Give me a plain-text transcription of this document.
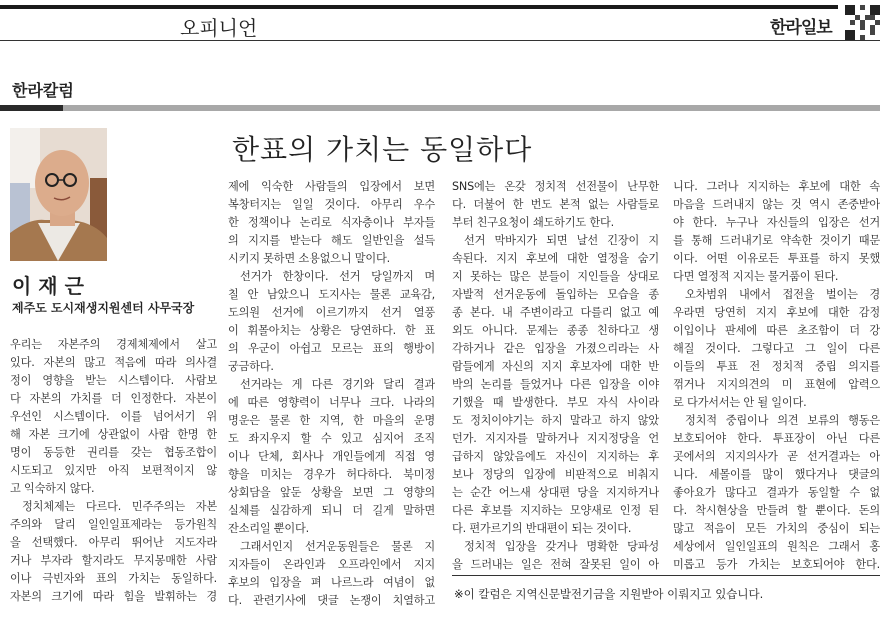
오피니언	한라일보
한라칼럼
이 재 근
제주도 도시재생지원센터 사무국장
한표의 가치는 동일하다
우리는 자본주의 경제체제에서 살고
있다. 자본의 많고 적음에 따라 의사결
정이 영향을 받는 시스템이다. 사람보
다 자본의 가치를 더 인정한다. 자본이
우선인 시스템이다. 이를 넘어서기 위
해 자본 크기에 상관없이 사람 한명 한
명이 동등한 권리를 갖는 협동조합이
시도되고 있지만 아직 보편적이지 않
고 익숙하지 않다.
정치체제는 다르다. 민주주의는 자본
주의와 달리 일인일표제라는 등가원칙
을 선택했다. 아무리 뛰어난 지도자라
거나 부자라 할지라도 무지몽매한 사람
이나 극빈자와 표의 가치는 동일하다.
자본의 크기에 따라 힘을 발휘하는 경
제에 익숙한 사람들의 입장에서 보면
복창터지는 일일 것이다. 아무리 우수
한 정책이나 논리로 식자층이나 부자들
의 지지를 받는다 해도 일반인을 설득
시키지 못하면 소용없으니 말이다.
선거가 한창이다. 선거 당일까지 며
칠 안 남았으니 도지사는 물론 교육감,
도의원 선거에 이르기까지 선거 열풍
이 휘몰아치는 상황은 당연하다. 한 표
의 우군이 아쉽고 모르는 표의 행방이
궁금하다.
선거라는 게 다른 경기와 달리 결과
에 따른 영향력이 너무나 크다. 나라의
명운은 물론 한 지역, 한 마을의 운명
도 좌지우지 할 수 있고 심지어 조직
이나 단체, 회사나 개인들에게 직접 영
향을 미치는 경우가 허다하다. 북미정
상회담을 앞둔 상황을 보면 그 영향의
실체를 실감하게 되니 더 길게 말하면
잔소리일 뿐이다.
그래서인지 선거운동원들은 물론 지
지자들이 온라인과 오프라인에서 지지
후보의 입장을 펴 나르느라 여념이 없
다. 관련기사에 댓글 논쟁이 치열하고
SNS에는 온갖 정치적 선전물이 난무한
다. 더불어 한 번도 본적 없는 사람들로
부터 친구요청이 쇄도하기도 한다.
선거 막바지가 되면 날선 긴장이 지
속된다. 지지 후보에 대한 열정을 숨기
지 못하는 많은 분들이 지인들을 상대로
자발적 선거운동에 돌입하는 모습을 종
종 본다. 내 주변이라고 다를리 없고 예
외도 아니다. 문제는 종종 친하다고 생
각하거나 같은 입장을 가졌으리라는 사
람들에게 자신의 지지 후보자에 대한 반
박의 논리를 들었거나 다른 입장을 이야
기했을 때 발생한다. 부모 자식 사이라
도 정치이야기는 하지 말라고 하지 않았
던가. 지지자를 말하거나 지지정당을 언
급하지 않았음에도 자신이 지지하는 후
보나 정당의 입장에 비판적으로 비춰지
는 순간 어느새 상대편 당을 지지하거나
다른 후보를 지지하는 모양새로 인정 된
다. 편가르기의 반대편이 되는 것이다.
정치적 입장을 갖거나 명확한 당파성
을 드러내는 일은 전혀 잘못된 일이 아
니다. 그러나 지지하는 후보에 대한 속
마음을 드러내지 않는 것 역시 존중받아
야 한다. 누구나 자신들의 입장은 선거
를 통해 드러내기로 약속한 것이기 때문
이다. 어떤 이유로든 투표를 하지 못했
다면 열정적 지지는 물거품이 된다.
오차범위 내에서 접전을 벌이는 경
우라면 당연히 지지 후보에 대한 감정
이입이나 판세에 따른 초조함이 더 강
해질 것이다. 그렇다고 그 일이 다른
이들의 투표 전 정치적 중립 의지를
꺾거나 지지의견의 미 표현에 압력으
로 다가서서는 안 될 일이다.
정치적 중립이나 의견 보류의 행동은
보호되어야 한다. 투표장이 아닌 다른
곳에서의 지지의사가 곧 선거결과는 아
니다. 세몰이를 많이 했다거나 댓글의
좋아요가 많다고 결과가 동일할 수 없
다. 착시현상을 만들려 할 뿐이다. 돈의
많고 적음이 모든 가치의 중심이 되는
세상에서 일인일표의 원칙은 그래서 홍
미롭고 등가 가치는 보호되어야 한다.
※이 칼럼은 지역신문발전기금을 지원받아 이뤄지고 있습니다.
